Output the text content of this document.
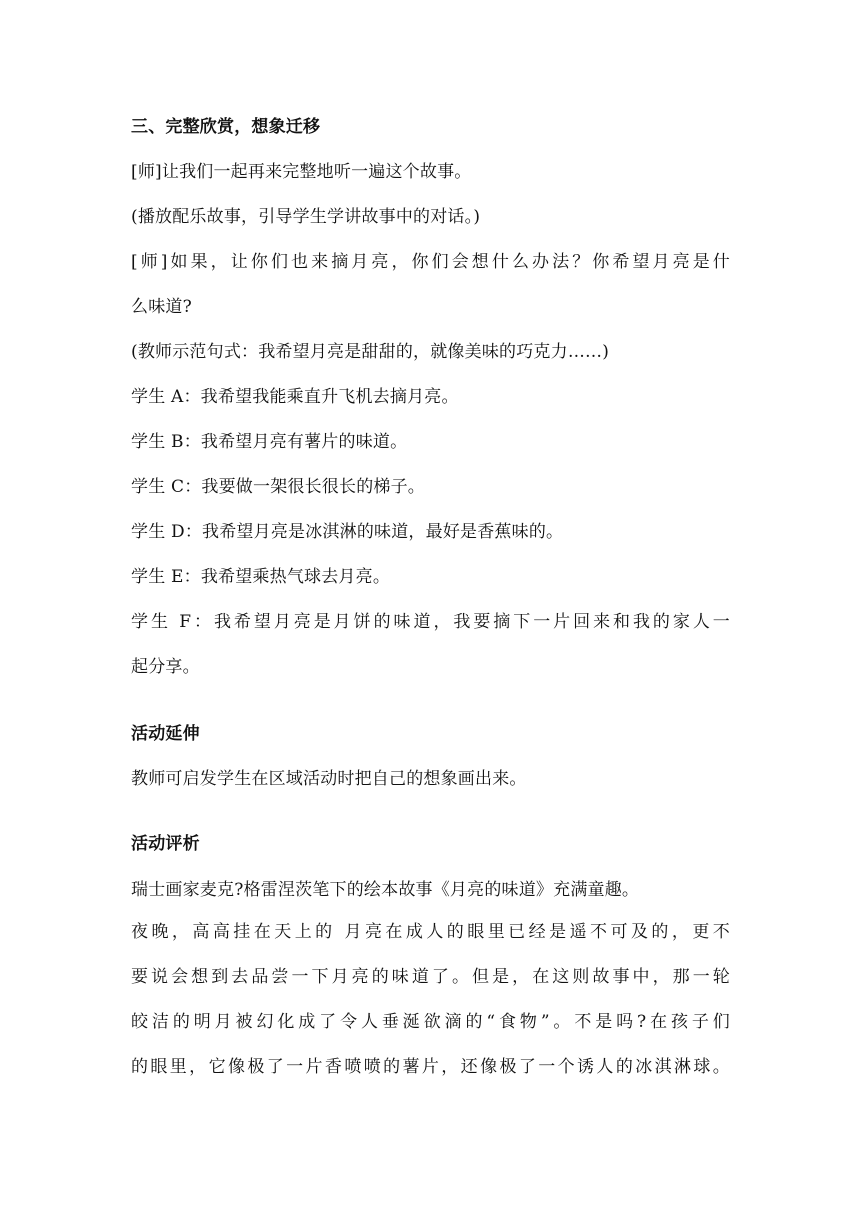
三、完整欣赏，想象迁移
[师]让我们一起再来完整地听一遍这个故事。
(播放配乐故事，引导学生学讲故事中的对话。)
[师]如果，让你们也来摘月亮，你们会想什么办法？你希望月亮是什
么味道?
(教师示范句式：我希望月亮是甜甜的，就像美味的巧克力……)
学生 A：我希望我能乘直升飞机去摘月亮。
学生 B：我希望月亮有薯片的味道。
学生 C：我要做一架很长很长的梯子。
学生 D：我希望月亮是冰淇淋的味道，最好是香蕉味的。
学生 E：我希望乘热气球去月亮。
学生 F：我希望月亮是月饼的味道，我要摘下一片回来和我的家人一
起分享。
活动延伸
教师可启发学生在区域活动时把自己的想象画出来。
活动评析
瑞士画家麦克?格雷涅茨笔下的绘本故事《月亮的味道》充满童趣。
夜晚，高高挂在天上的 月亮在成人的眼里已经是遥不可及的，更不
要说会想到去品尝一下月亮的味道了。但是，在这则故事中，那一轮
皎洁的明月被幻化成了令人垂涎欲滴的“食物”。不是吗?在孩子们
的眼里，它像极了一片香喷喷的薯片，还像极了一个诱人的冰淇淋球。
